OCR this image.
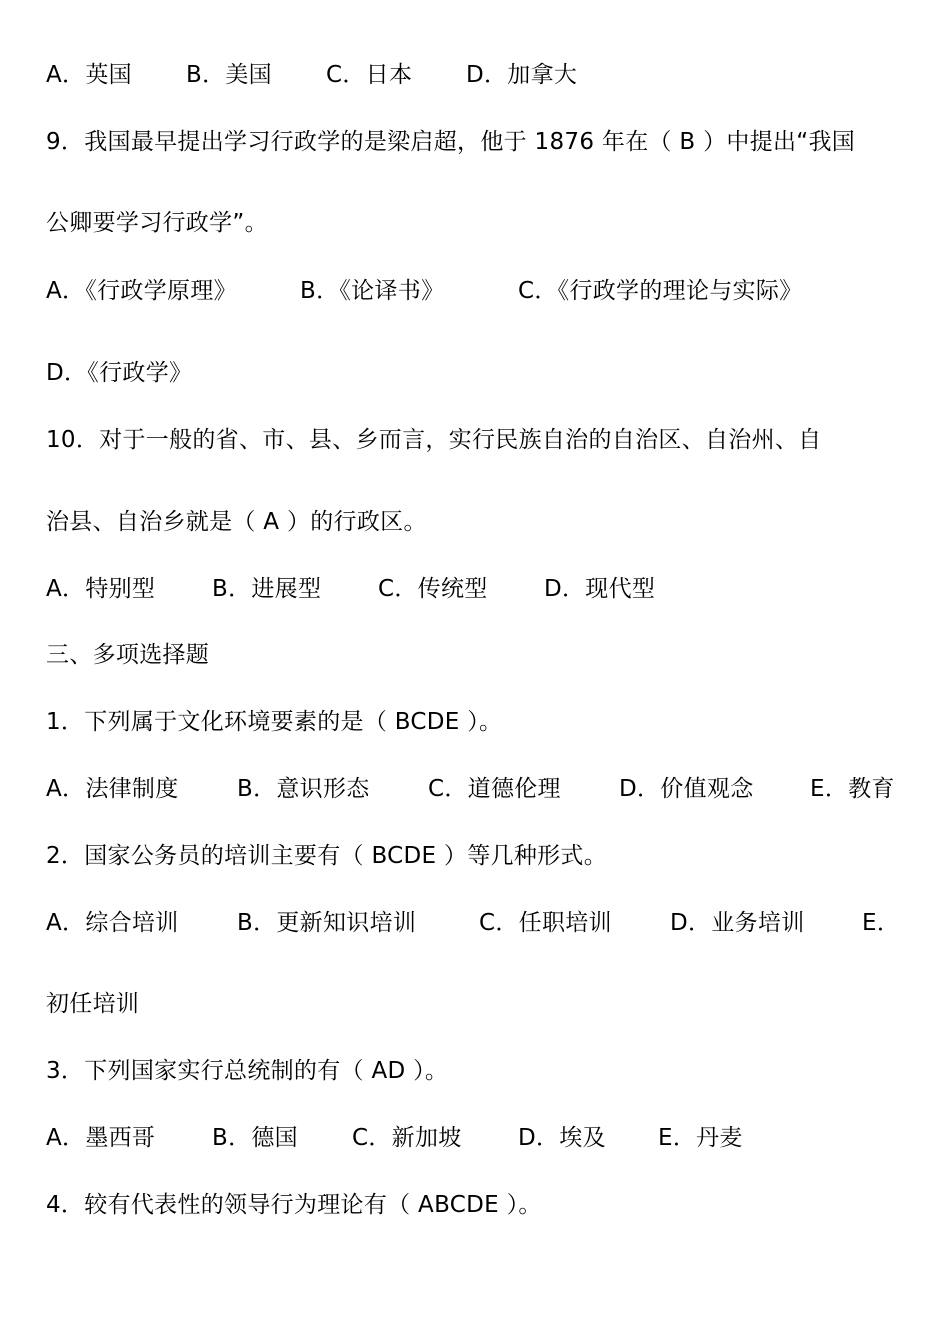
A．英国 B．美国 C．日本 D．加拿大
9．我国最早提出学习行政学的是梁启超，他于 1876 年在（ B ）中提出“我国
公卿要学习行政学”。
A．《行政学原理》	B．《论译书》	C．《行政学的理论与实际》
D．《行政学》
10．对于一般的省、市、县、乡而言，实行民族自治的自治区、自治州、自
治县、自治乡就是（ A ）的行政区。
A．特别型 B．进展型 C．传统型 D．现代型
三、多项选择题
1．下列属于文化环境要素的是（ BCDE ）。
A．法律制度	B．意识形态	C．道德伦理	D．价值观念 E．教育
2．国家公务员的培训主要有（ BCDE ）等几种形式。
A．综合培训	B．更新知识培训	C．任职培训	D．业务培训 E．
初任培训
3．下列国家实行总统制的有（ AD ）。
A．墨西哥 B．德国 C．新加坡 D．埃及 E．丹麦
4．较有代表性的领导行为理论有（ ABCDE ）。
